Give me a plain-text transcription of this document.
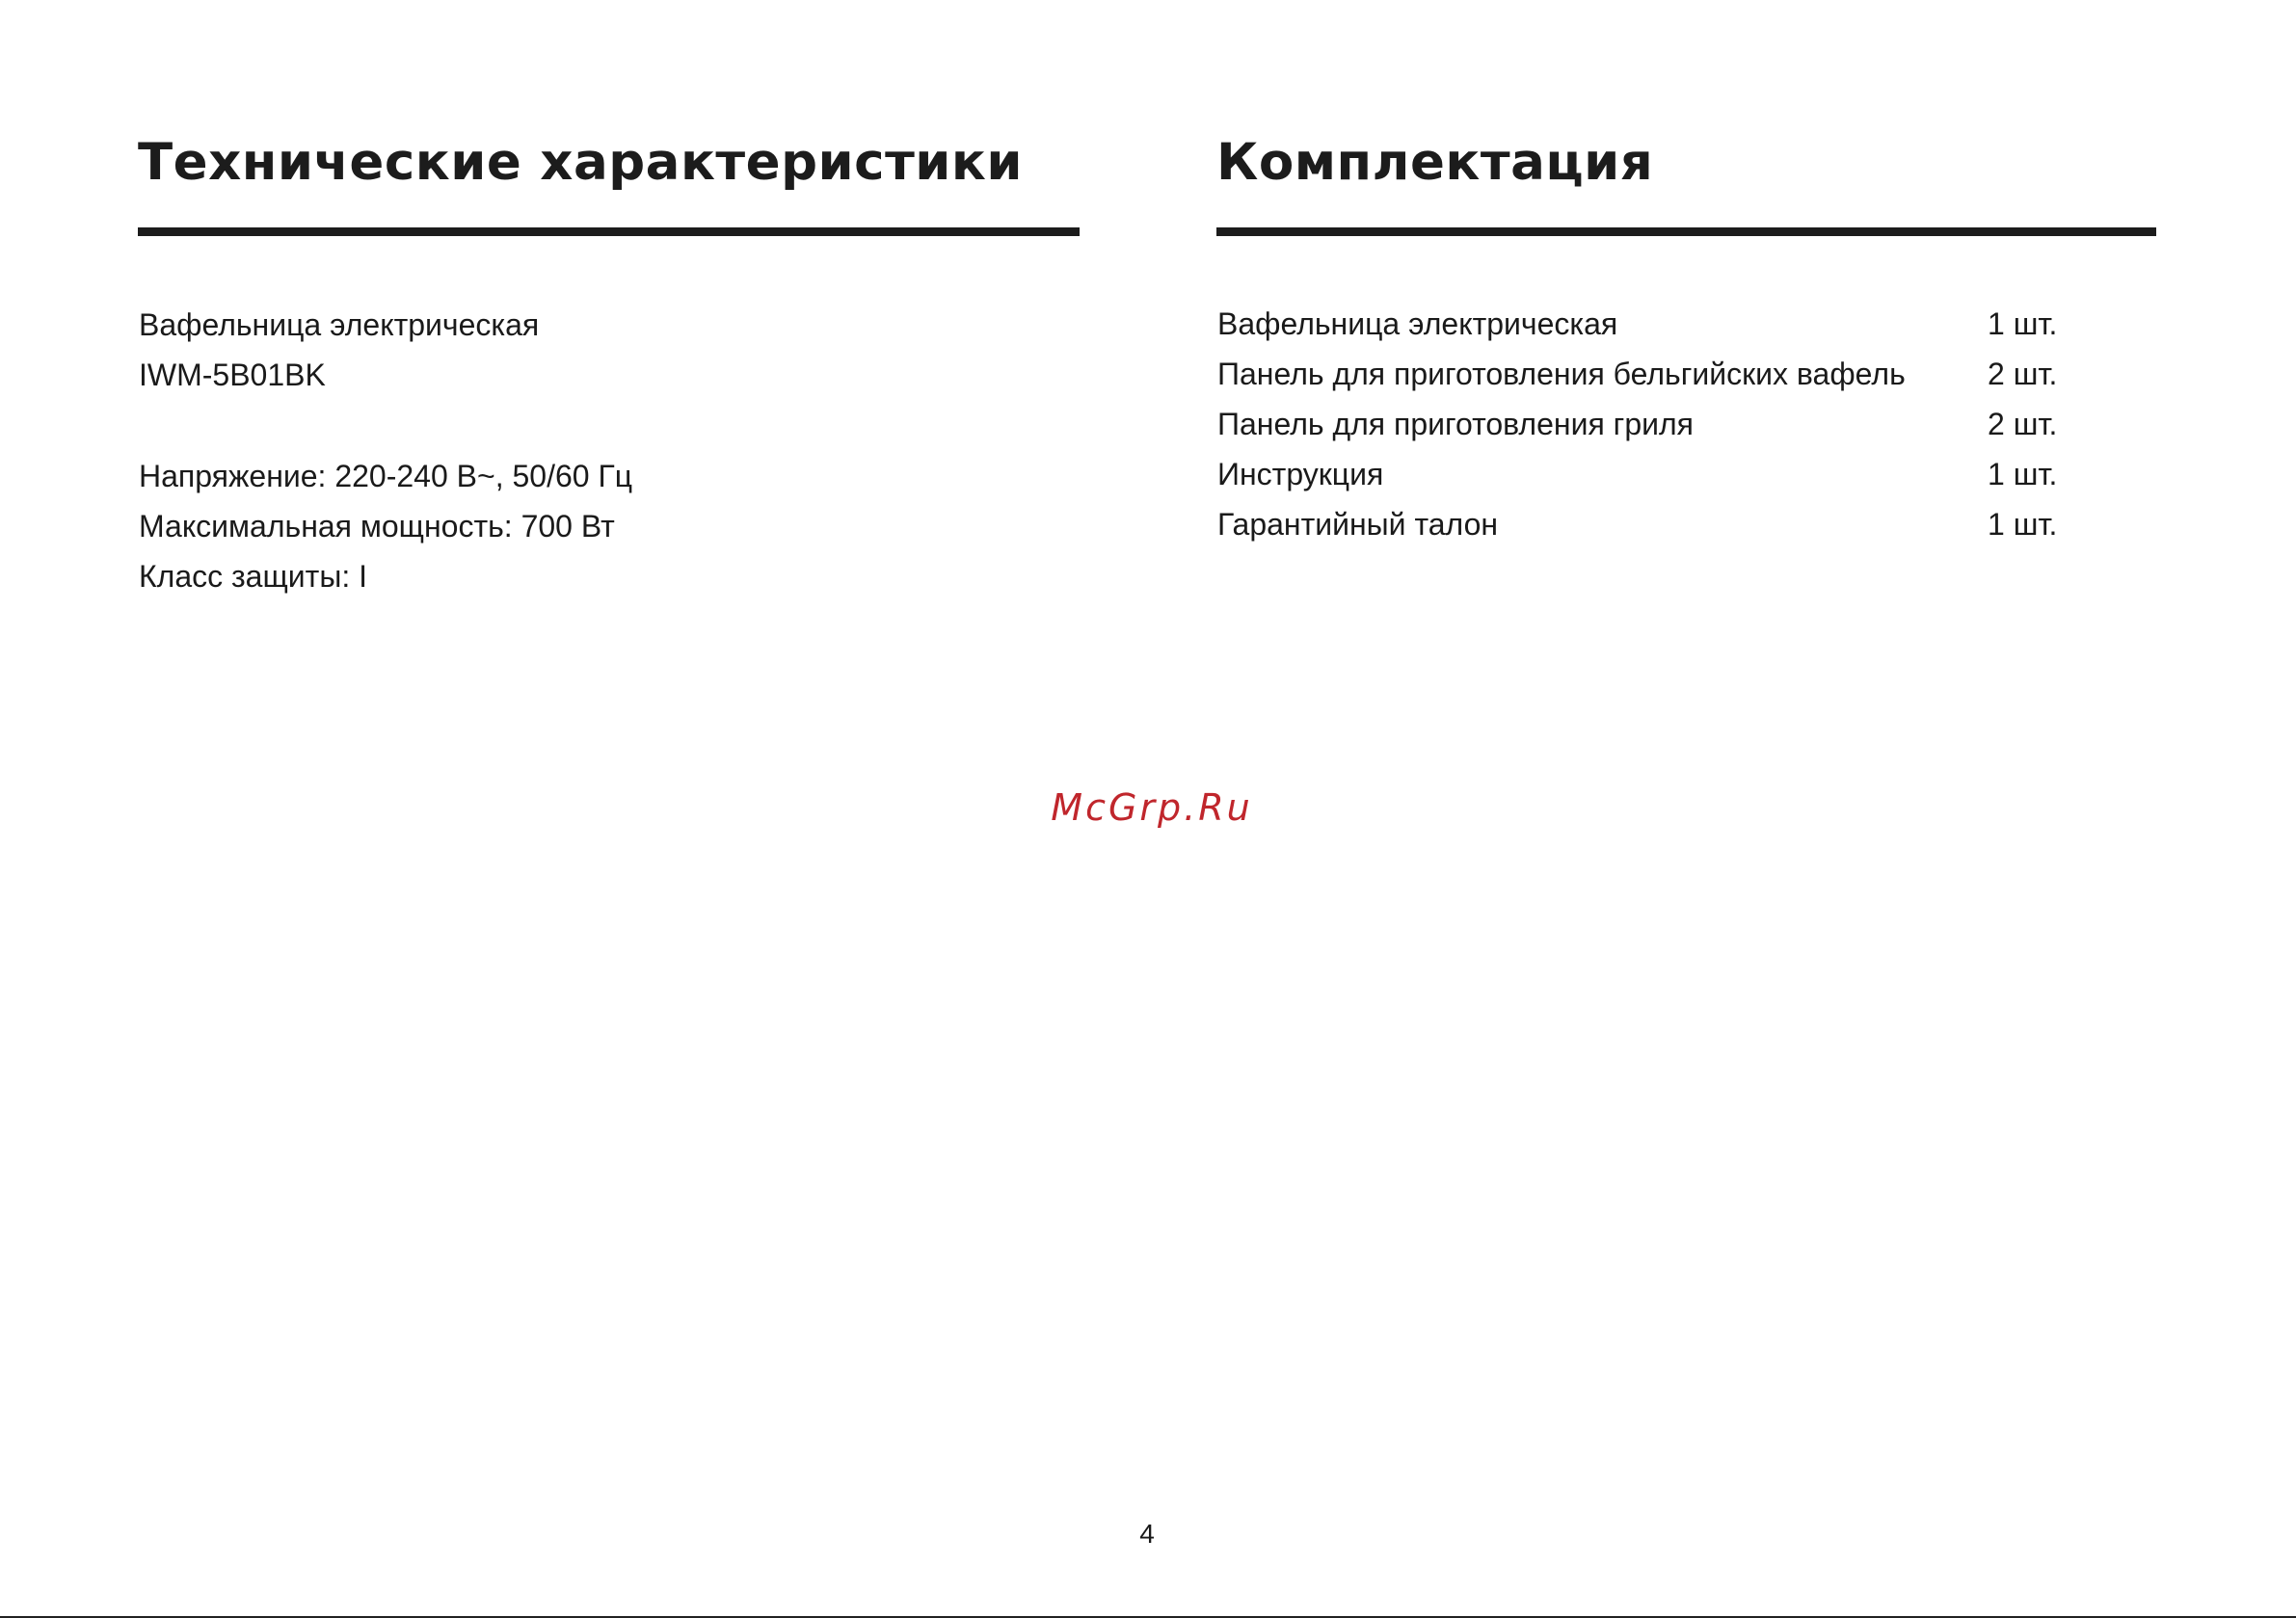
Технические характеристики
Вафельница электрическая
IWM-5B01BK
Напряжение: 220-240 В~, 50/60 Гц
Максимальная мощность: 700 Вт
Класс защиты: I
Комплектация
Вафельница электрическая	1 шт.
Панель для приготовления бельгийских вафель	2 шт.
Панель для приготовления гриля	2 шт.
Инструкция	1 шт.
Гарантийный талон	1 шт.
McGrp.Ru
4
